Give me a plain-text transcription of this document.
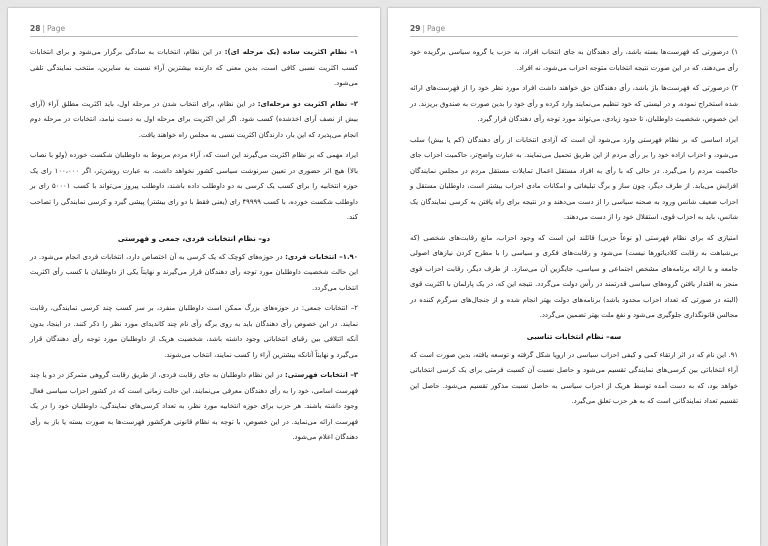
28 | Page

۱– نظام اکثریت ساده (یک مرحله ای): در این نظام، انتخابات به سادگی برگزار می‌شود و برای انتخابات کسب اکثریت نسبی کافی است، بدین معنی که دارنده بیشترین آراء نسبت به سایرین، منتخب نمایندگی تلقی می‌شود.

۲– نظام اکثریت دو مرحله‌ای: در این نظام، برای انتخاب شدن در مرحله اول، باید اکثریت مطلق آراء (آرای بیش از نصف آرای اخذشده) کسب شود. اگر این اکثریت برای مرحله اول به دست نیامد، انتخابات در مرحله دوم انجام می‌پذیرد که این بار، دارندگان اکثریت نسبی به مجلس راه خواهند یافت.

ایراد مهمی که بر نظام اکثریت می‌گیرند این است که، آراء مردم مربوط به داوطلبان شکست خورده (ولو با نصاب بالا) هیچ اثر حضوری در تعیین سرنوشت سیاسی کشور نخواهد داشت. به عبارت روشن‌تر، اگر ۱۰۰،۰۰۰ رای یک حوزه انتخابیه را برای کسب یک کرسی به دو داوطلب داده باشند، داوطلب پیروز می‌تواند با کسب ۵۰۰۰۱ رای بر داوطلب شکست خورده، با کسب ۴۹۹۹۹ رای (یعنی فقط با دو رای بیشتر) پیشی گیرد و کرسی نمایندگی را تصاحب کند.

دو– نظام انتخابات فردی، جمعی و فهرستی

۱.۹۰– انتخابات فردی: در حوزه‌های کوچک که یک کرسی به آن اختصاص دارد، انتخابات فردی انجام می‌شود. در این حالت شخصیت داوطلبان مورد توجه رأی دهندگان قرار می‌گیرند و نهایتاً یکی از داوطلبان با کسب رأی اکثریت انتخاب می‌گردد.

۲– انتخابات جمعی: در حوزه‌های بزرگ ممکن است داوطلبان منفرد، بر سر کسب چند کرسی نمایندگی، رقابت نمایند. در این خصوص رأی دهندگان باید به روی برگه رأی نام چند کاندیدای مورد نظر را ذکر کنند. در اینجا، بدون آنکه ائتلافی بین رقبای انتخاباتی وجود داشته باشد، شخصیت هریک از داوطلبان مورد توجه رأی دهندگان قرار می‌گیرد و نهایتاً آنانکه بیشترین آراء را کسب نمایند، انتخاب می‌شوند.

۳– انتخابات فهرستی: در این نظام داوطلبان به جای رقابت فردی، از طریق رقابت گروهی متمرکز در دو یا چند فهرست اسامی، خود را به رأی دهندگان معرفی می‌نمایند. این حالت زمانی است که در کشور احزاب سیاسی فعال وجود داشته باشند. هر حزب برای حوزه انتخابیه مورد نظر، به تعداد کرسی‌های نمایندگی، داوطلبان خود را در یک فهرست ارائه می‌نماید. در این خصوص، با توجه به نظام قانونی هرکشور فهرست‌ها به صورت بسته یا باز به رأی دهندگان اعلام می‌شود.

29 | Page

۱) درصورتی که فهرست‌ها بسته باشد، رأی دهندگان به جای انتخاب افراد، به حزب یا گروه سیاسی برگزیده خود رأی می‌دهند، که در این صورت نتیجه انتخابات متوجه احزاب می‌شود، نه افراد.

۲) درصورتی که فهرست‌ها باز باشد، رأی دهندگان حق خواهند داشت افراد مورد نظر خود را از فهرست‌های ارائه شده استخراج نموده، و در لیستی که خود تنظیم می‌نمایند وارد کرده و رأی خود را بدین صورت به صندوق بریزند. در این خصوص، شخصیت داوطلبان، تا حدود زیادی، می‌تواند مورد توجه رأی دهندگان قرار گیرد.

ایراد اساسی که بر نظام فهرستی وارد می‌شود آن است که آزادی انتخابات از رأی دهندگان (کم یا بیش) سلب می‌شود، و احزاب اراده خود را بر رأی مردم از این طریق تحمیل می‌نمایند. به عبارت واضح‌تر، حاکمیت احزاب جای حاکمیت مردم را می‌گیرد. در حالی که با رأی به افراد مستقل اعمال تمایلات مستقل مردم در مجلس نمایندگان افزایش می‌یابد. از طرف دیگر، چون ساز و برگ تبلیغاتی و امکانات مادی احزاب بیشتر است، داوطلبان مستقل و احزاب ضعیف شانس ورود به صحنه سیاسی را از دست می‌دهند و در نتیجه برای راه یافتن به کرسی نمایندگان یک شانس، باید به احزاب قوی، استقلال خود را از دست می‌دهند.

امتیازی که برای نظام فهرستی (و نوعاً حزبی) قائلند این است که وجود احزاب، مانع رقابت‌های شخصی (که بی‌شباهت به رقابت کلادیاتورها نیست) می‌شود و رقابت‌های فکری و سیاسی را با مطرح کردن نیازهای اصولی جامعه و با ارائه برنامه‌های مشخص اجتماعی و سیاسی، جایگزین آن می‌سازد. از طرف دیگر، رقابت احزاب قوی منجر به اقتدار یافتن گروه‌های سیاسی قدرتمند در رأس دولت می‌گردد. نتیجه این که، در یک پارلمان با اکثریت قوی (البته در صورتی که تعداد احزاب محدود باشد) برنامه‌های دولت بهتر انجام شده و از جنجال‌های سرگرم کننده در مجالس قانونگذاری جلوگیری می‌شود و نفع ملت بهتر تضمین می‌گردد.

سه– نظام انتخابات تناسبی

۹۱. این نام که در اثر ارتقاء کمی و کیفی احزاب سیاسی در اروپا شکل گرفته و توسعه یافته، بدین صورت است که آراء انتخاباتی بین کرسی‌های نمایندگی تقسیم می‌شود و حاصل نسبت آن کسبت فرمتی برای یک کرسی انتخاباتی خواهد بود، که به دست آمده توسط هریک از احزاب سیاسی به حاصل نسبت مذکور تقسیم می‌شود. حاصل این تقسیم تعداد نمایندگانی است که به هر حزب تعلق می‌گیرد.
